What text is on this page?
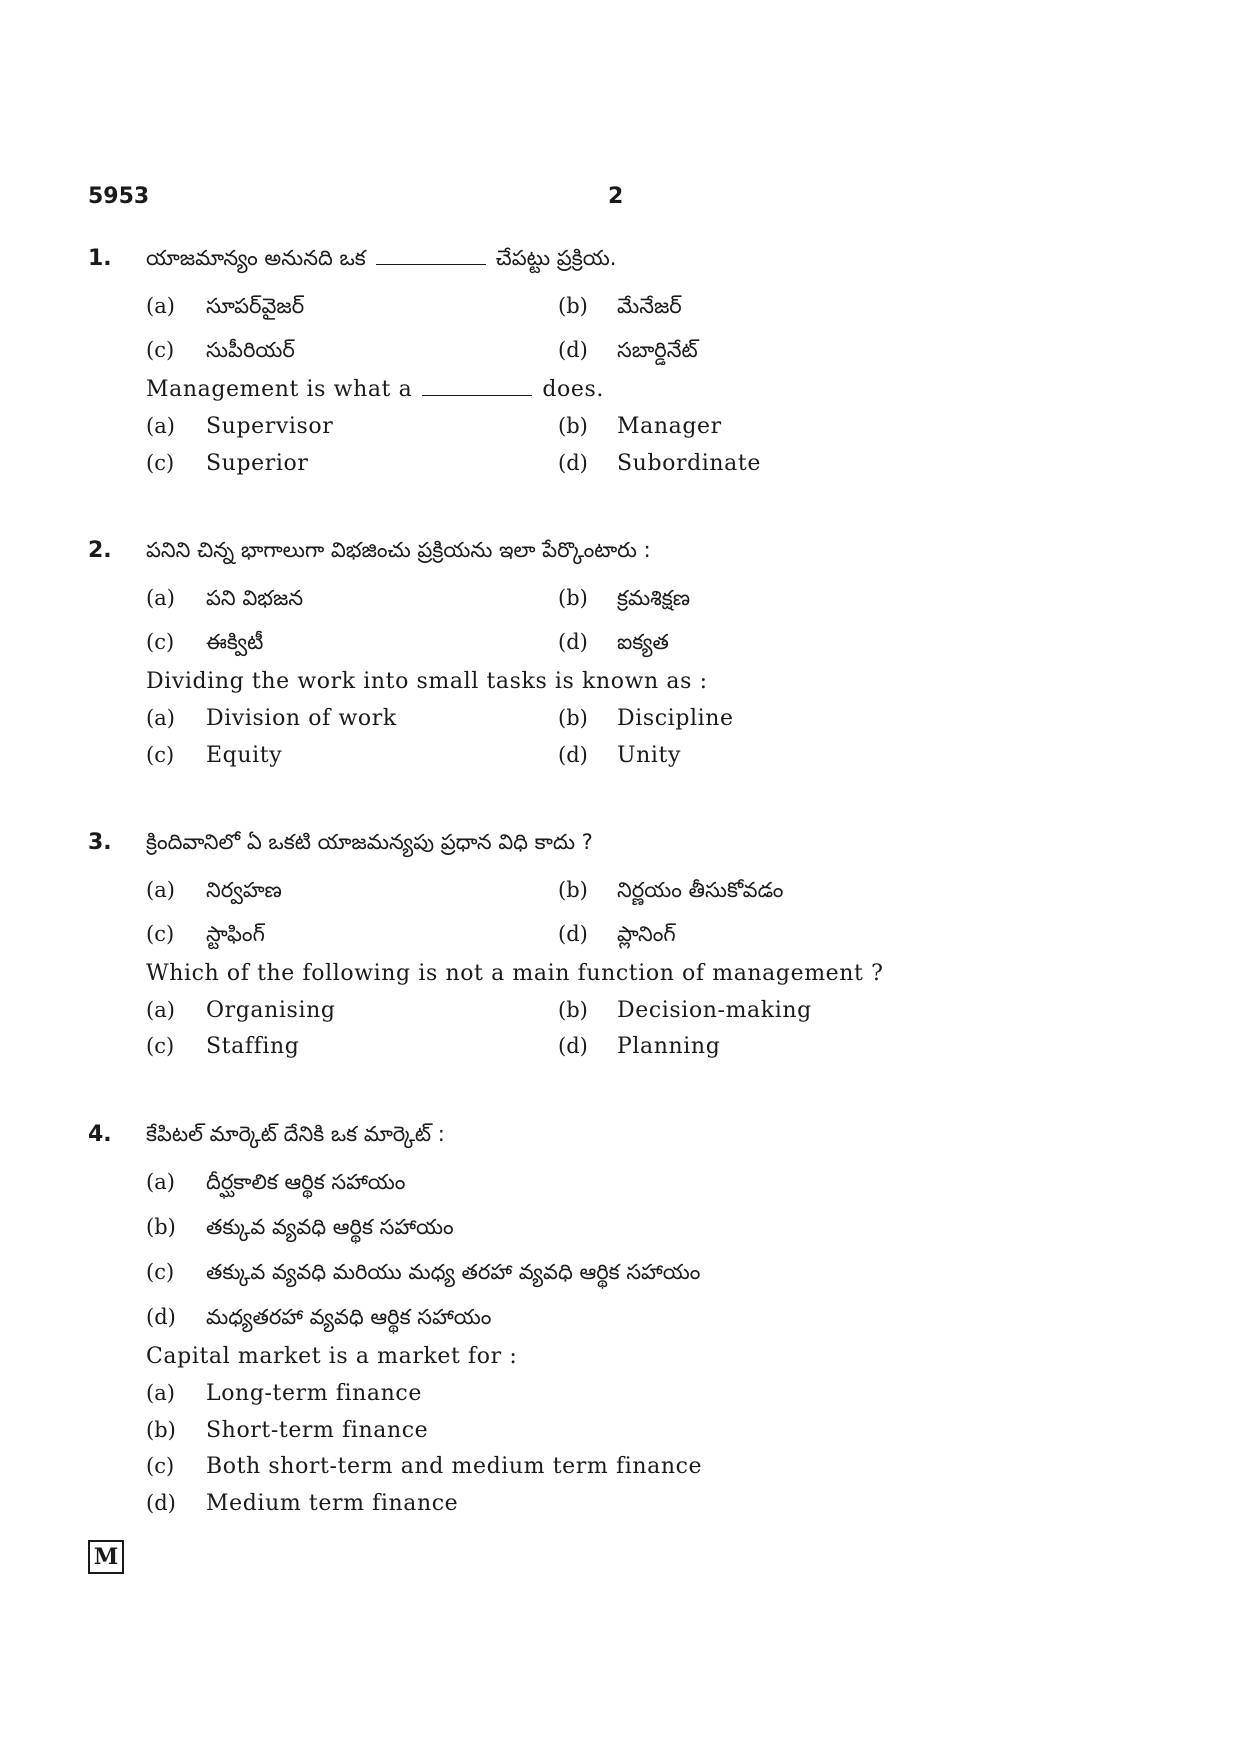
5953	2
1. యాజమాన్యం అనునది ఒక	చేపట్టు ప్రక్రియ.
(a) సూపర్‌వైజర్	(b) మేనేజర్
(c) సుపీరియర్	(d) సబార్డినేట్
Management is what a	does.
(a) Supervisor	(b) Manager
(c) Superior	(d) Subordinate
2. పనిని చిన్న భాగాలుగా విభజించు ప్రక్రియను ఇలా పేర్కొంటారు :
(a) పని విభజన	(b) క్రమశిక్షణ
(c) ఈక్విటీ	(d) ఐక్యత
Dividing the work into small tasks is known as :
(a) Division of work	(b) Discipline
(c) Equity	(d) Unity
3. క్రిందివానిలో ఏ ఒకటి యాజమన్యపు ప్రధాన విధి కాదు ?
(a) నిర్వహణ	(b) నిర్ణయం తీసుకోవడం
(c) స్టాఫింగ్	(d) ప్లానింగ్
Which of the following is not a main function of management ?
(a) Organising	(b) Decision-making
(c) Staffing	(d) Planning
4. కేపిటల్ మార్కెట్ దేనికి ఒక మార్కెట్ :
(a) దీర్ఘకాలిక ఆర్థిక సహాయం
(b) తక్కువ వ్యవధి ఆర్థిక సహాయం
(c) తక్కువ వ్యవధి మరియు మధ్య తరహా వ్యవధి ఆర్థిక సహాయం
(d) మధ్యతరహా వ్యవధి ఆర్థిక సహాయం
Capital market is a market for :
(a) Long-term finance
(b) Short-term finance
(c) Both short-term and medium term finance
(d) Medium term finance
M
